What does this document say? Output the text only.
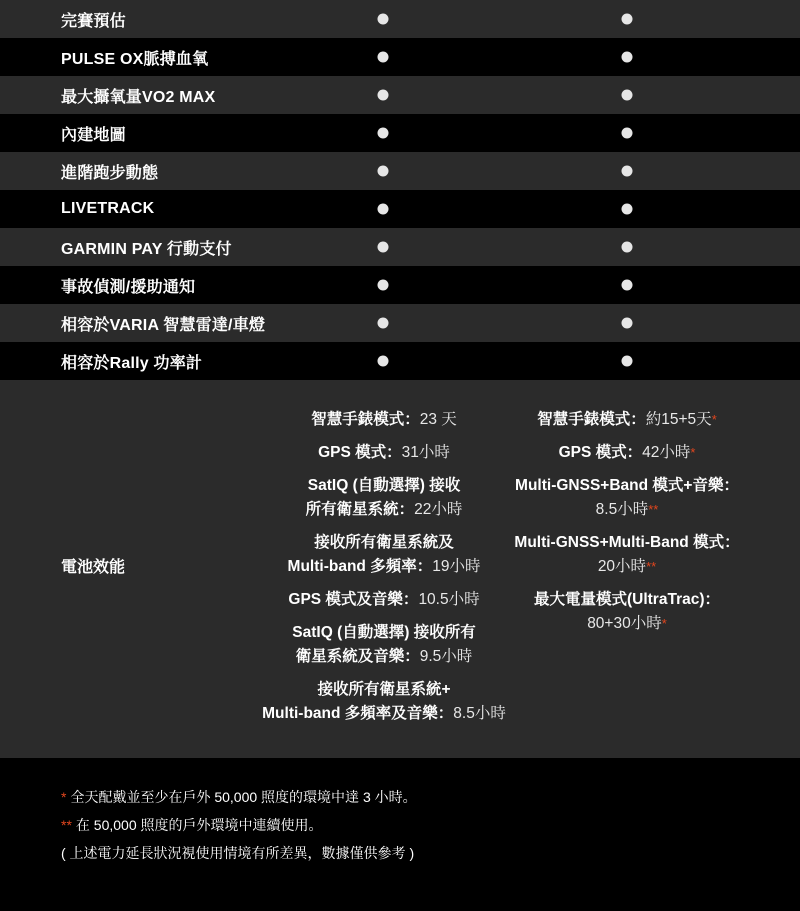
完賽預估
PULSE OX脈搏血氧
最大攝氧量VO2 MAX
內建地圖
進階跑步動態
LIVETRACK
GARMIN PAY 行動支付
事故偵測/援助通知
相容於VARIA 智慧雷達/車燈
相容於Rally 功率計
電池效能
智慧手錶模式：23 天
GPS 模式：31小時
SatIQ (自動選擇) 接收
所有衛星系統：22小時
接收所有衛星系統及
Multi-band 多頻率：19小時
GPS 模式及音樂：10.5小時
SatIQ (自動選擇) 接收所有
衛星系統及音樂：9.5小時
接收所有衛星系統+
Multi-band 多頻率及音樂：8.5小時
智慧手錶模式：約15+5天*
GPS 模式：42小時*
Multi-GNSS+Band 模式+音樂：
8.5小時**
Multi-GNSS+Multi-Band 模式：
20小時**
最大電量模式(UltraTrac)：
80+30小時*
* 全天配戴並至少在戶外 50,000 照度的環境中達 3 小時。
** 在 50,000 照度的戶外環境中連續使用。
( 上述電力延長狀況視使用情境有所差異，數據僅供參考 )
